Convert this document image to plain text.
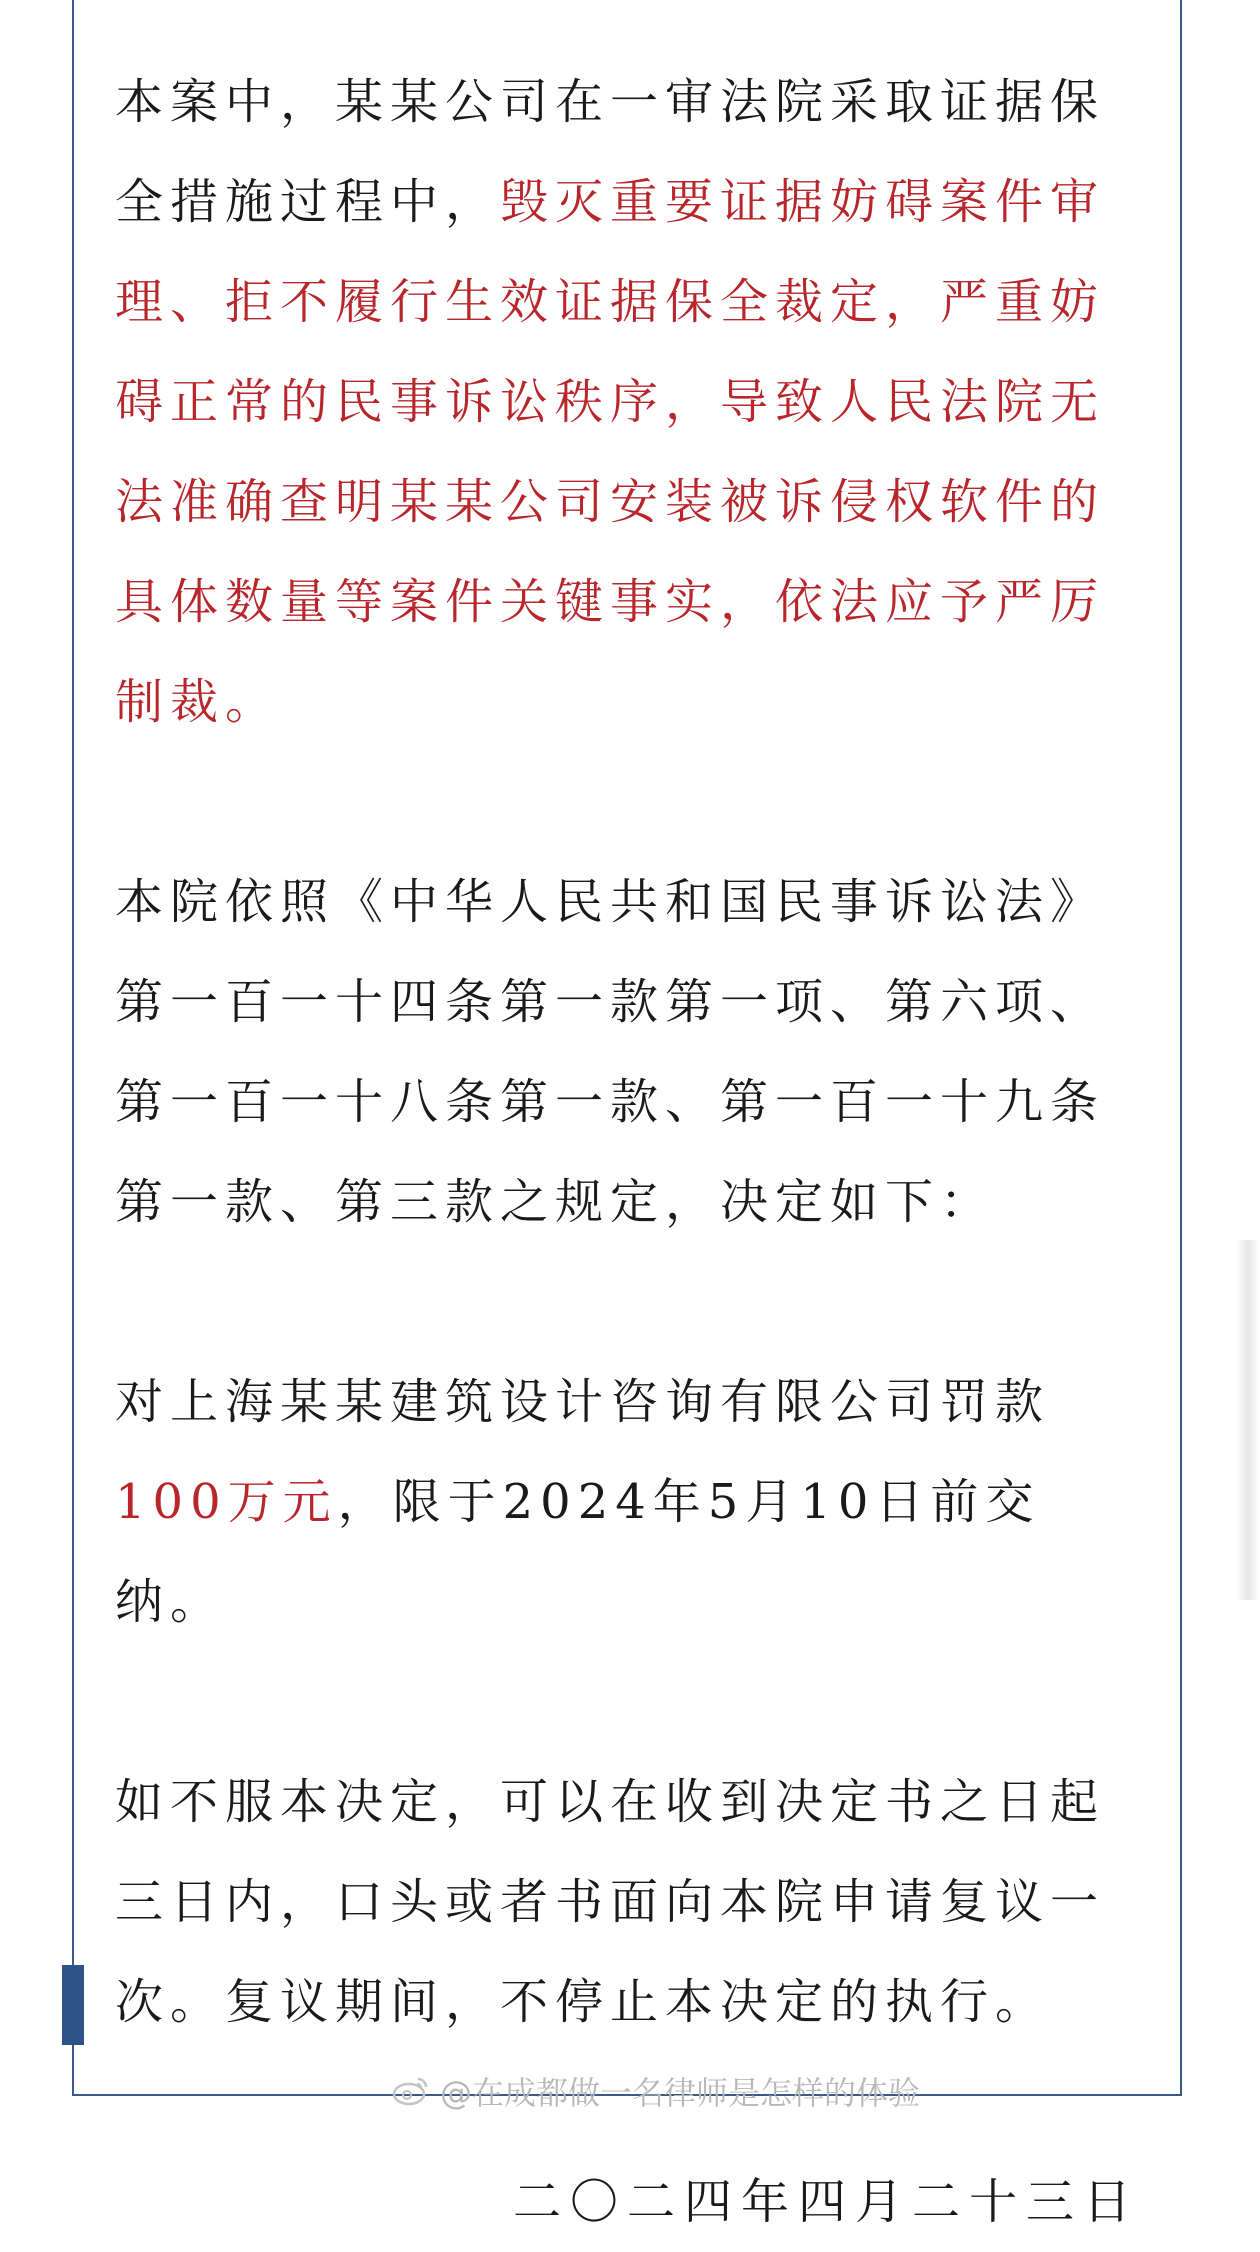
本案中，某某公司在一审法院采取证据保全措施过程中，毁灭重要证据妨碍案件审理、拒不履行生效证据保全裁定，严重妨碍正常的民事诉讼秩序，导致人民法院无法准确查明某某公司安装被诉侵权软件的具体数量等案件关键事实，依法应予严厉制裁。

本院依照《中华人民共和国民事诉讼法》第一百一十四条第一款第一项、第六项、第一百一十八条第一款、第一百一十九条第一款、第三款之规定，决定如下：

对上海某某建筑设计咨询有限公司罚款100万元，限于2024年5月10日前交纳。

如不服本决定，可以在收到决定书之日起三日内，口头或者书面向本院申请复议一次。复议期间，不停止本决定的执行。

二〇二四年四月二十三日

@在成都做一名律师是怎样的体验
